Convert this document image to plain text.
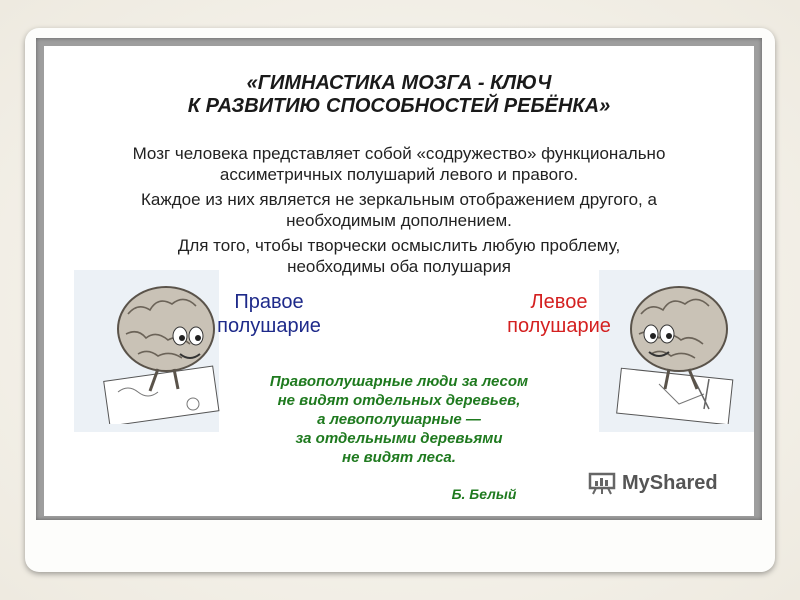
«ГИМНАСТИКА МОЗГА - КЛЮЧ
К РАЗВИТИЮ СПОСОБНОСТЕЙ РЕБЁНКА»

Мозг человека представляет собой «содружество» функционально

ассиметричных полушарий левого и правого.

Каждое из них является не зеркальным отображением другого, а

необходимым дополнением.

Для того, чтобы творчески осмыслить любую проблему,

необходимы оба полушария

Правое
полушарие
Левое
полушарие
Правополушарные люди за лесом
не видят отдельных деревьев,
а левополушарные —
за отдельными деревьями
не видят леса.
Б. Белый
MyShared
